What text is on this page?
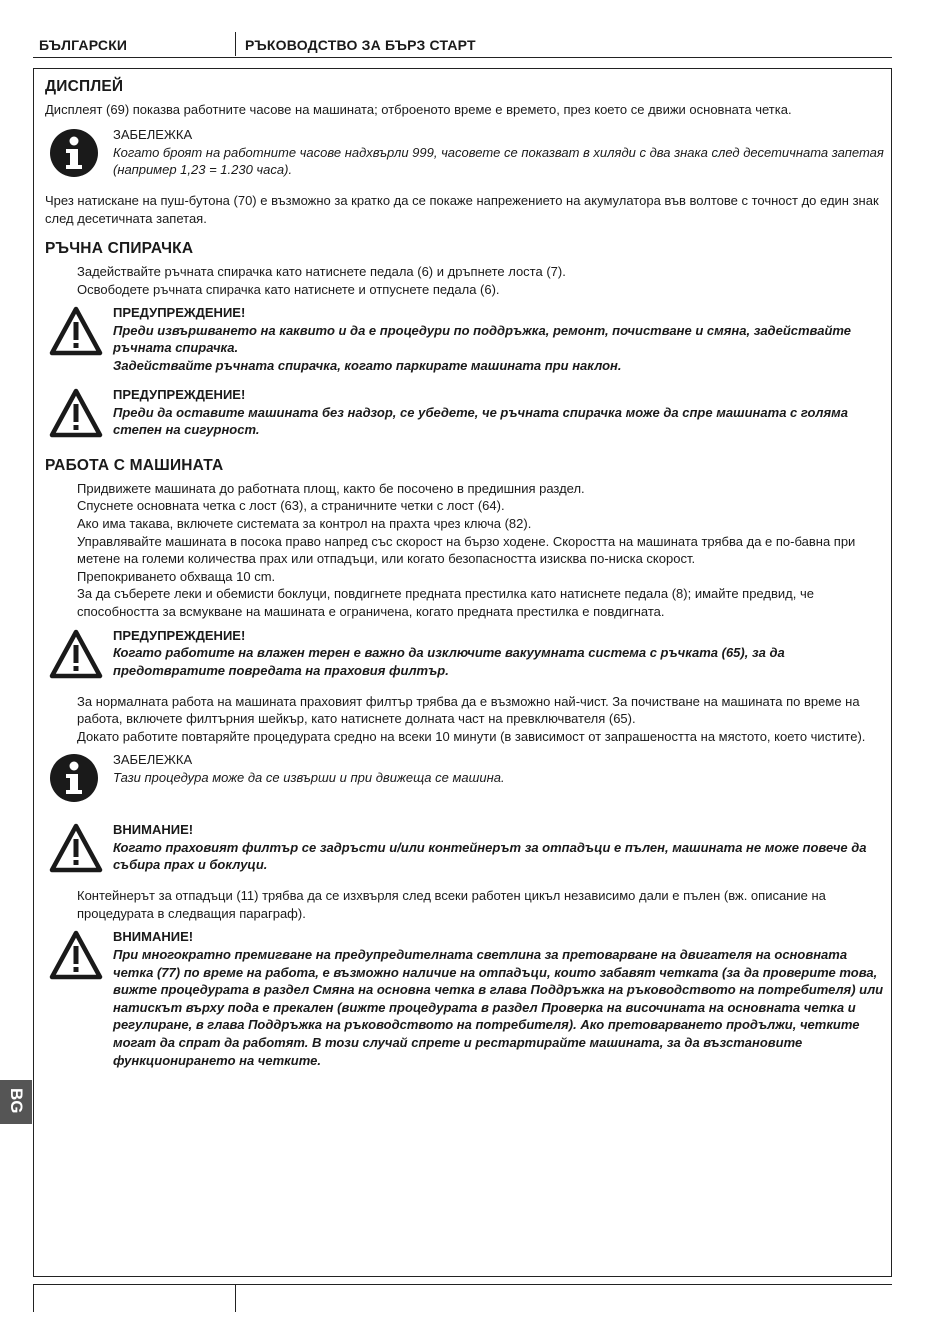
БЪЛГАРСКИ	РЪКОВОДСТВО ЗА БЪРЗ СТАРТ
ДИСПЛЕЙ

Дисплеят (69) показва работните часове на машината; отброеното време е времето, през което се движи основната четка.

ЗАБЕЛЕЖКА
Когато броят на работните часове надхвърли 999, часовете се показват в хиляди с два знака след десетичната запетая (например 1,23 = 1.230 часа).

Чрез натискане на пуш-бутона (70) е възможно за кратко да се покаже напрежението на акумулатора във волтове с точност до един знак след десетичната запетая.

РЪЧНА СПИРАЧКА

Задействайте ръчната спирачка като натиснете педала (6) и дръпнете лоста (7).

Освободете ръчната спирачка като натиснете и отпуснете педала (6).

ПРЕДУПРЕЖДЕНИЕ!
Преди извършването на каквито и да е процедури по поддръжка, ремонт, почистване и смяна, задействайте ръчната спирачка.
Задействайте ръчната спирачка, когато паркирате машината при наклон.
ПРЕДУПРЕЖДЕНИЕ!
Преди да оставите машината без надзор, се убедете, че ръчната спирачка може да спре машината с голяма степен на сигурност.
РАБОТА С МАШИНАТА

Придвижете машината до работната площ, както бе посочено в предишния раздел.

Спуснете основната четка с лост (63), а страничните четки с лост (64).

Ако има такава, включете системата за контрол на прахта чрез ключа (82).

Управлявайте машината в посока право напред със скорост на бързо ходене. Скоростта на машината трябва да е по-бавна при метене на големи количества прах или отпадъци, или когато безопасността изисква по-ниска скорост.

Препокриването обхваща 10 cm.

За да съберете леки и обемисти боклуци, повдигнете предната престилка като натиснете педала (8); имайте предвид, че способността за всмукване на машината е ограничена, когато предната престилка е повдигната.

ПРЕДУПРЕЖДЕНИЕ!
Когато работите на влажен терен е важно да изключите вакуумната система с ръчката (65), за да предотвратите повредата на праховия филтър.

За нормалната работа на машината праховият филтър трябва да е възможно най-чист. За почистване на машината по време на работа, включете филтърния шейкър, като натиснете долната част на превключвателя (65).

Докато работите повтаряйте процедурата средно на всеки 10 минути (в зависимост от запрашеността на мястото, което чистите).

ЗАБЕЛЕЖКА
Тази процедура може да се извърши и при движеща се машина.
ВНИМАНИЕ!
Когато праховият филтър се задръсти и/или контейнерът за отпадъци е пълен, машината не може повече да събира прах и боклуци.

Контейнерът за отпадъци (11) трябва да се изхвърля след всеки работен цикъл независимо дали е пълен (вж. описание на процедурата в следващия параграф).

ВНИМАНИЕ!
При многократно премигване на предупредителната светлина за претоварване на двигателя на основната четка (77) по време на работа, е възможно наличие на отпадъци, които забавят четката (за да проверите това, вижте процедурата в раздел Смяна на основна четка в глава Поддръжка на ръководството на потребителя) или натискът върху пода е прекален (вижте процедурата в раздел Проверка на височината на основната четка и регулиране, в глава Поддръжка на ръководството на потребителя). Ако претоварването продължи, четките могат да спрат да работят. В този случай спрете и рестартирайте машината, за да възстановите функционирането на четките.
BG
